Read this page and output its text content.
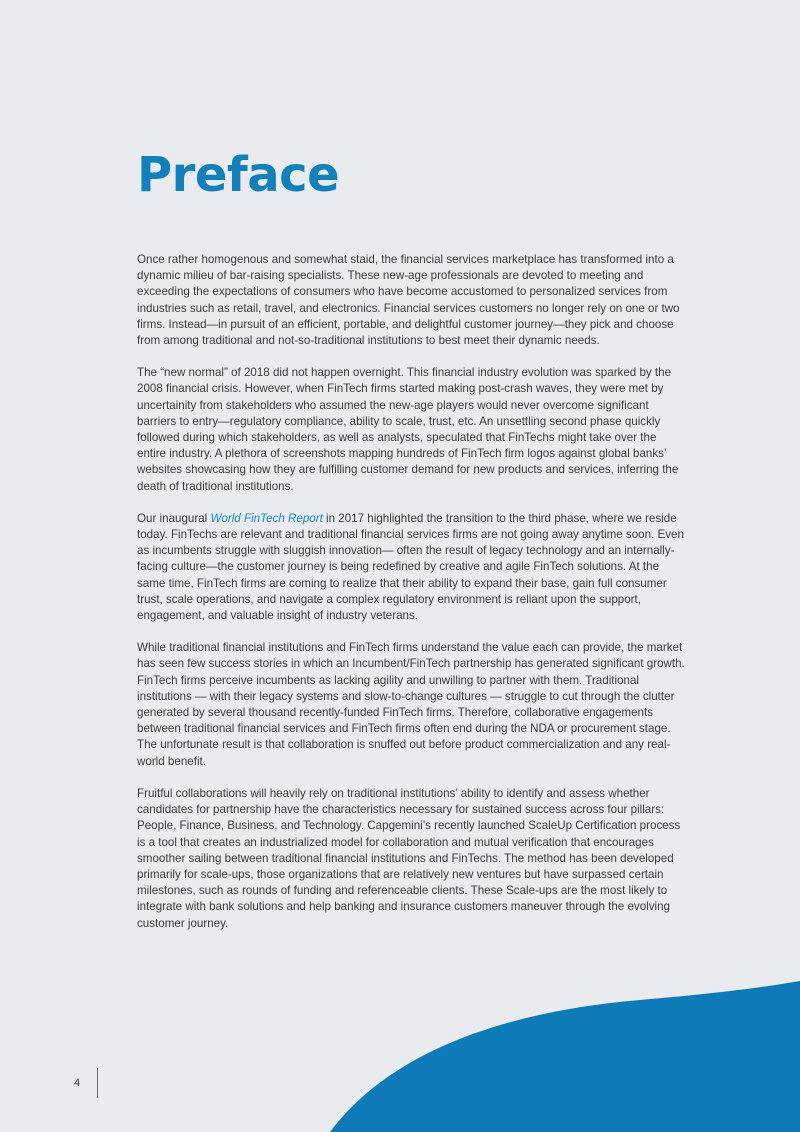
Preface

Once rather homogenous and somewhat staid, the financial services marketplace has transformed into a dynamic milieu of bar-raising specialists. These new-age professionals are devoted to meeting and exceeding the expectations of consumers who have become accustomed to personalized services from industries such as retail, travel, and electronics. Financial services customers no longer rely on one or two firms. Instead—in pursuit of an efficient, portable, and delightful customer journey—they pick and choose from among traditional and not-so-traditional institutions to best meet their dynamic needs.

The “new normal” of 2018 did not happen overnight. This financial industry evolution was sparked by the 2008 financial crisis. However, when FinTech firms started making post-crash waves, they were met by uncertainity from stakeholders who assumed the new-age players would never overcome significant barriers to entry—regulatory compliance, ability to scale, trust, etc. An unsettling second phase quickly followed during which stakeholders, as well as analysts, speculated that FinTechs might take over the entire industry. A plethora of screenshots mapping hundreds of FinTech firm logos against global banks’ websites showcasing how they are fulfilling customer demand for new products and services, inferring the death of traditional institutions.

Our inaugural World FinTech Report in 2017 highlighted the transition to the third phase, where we reside today. FinTechs are relevant and traditional financial services firms are not going away anytime soon. Even as incumbents struggle with sluggish innovation— often the result of legacy technology and an internally-facing culture—the customer journey is being redefined by creative and agile FinTech solutions. At the same time, FinTech firms are coming to realize that their ability to expand their base, gain full consumer trust, scale operations, and navigate a complex regulatory environment is reliant upon the support, engagement, and valuable insight of industry veterans.

While traditional financial institutions and FinTech firms understand the value each can provide, the market has seen few success stories in which an Incumbent/FinTech partnership has generated significant growth. FinTech firms perceive incumbents as lacking agility and unwilling to partner with them. Traditional institutions — with their legacy systems and slow-to-change cultures — struggle to cut through the clutter generated by several thousand recently-funded FinTech firms. Therefore, collaborative engagements between traditional financial services and FinTech firms often end during the NDA or procurement stage. The unfortunate result is that collaboration is snuffed out before product commercialization and any real-world benefit.

Fruitful collaborations will heavily rely on traditional institutions’ ability to identify and assess whether candidates for partnership have the characteristics necessary for sustained success across four pillars: People, Finance, Business, and Technology. Capgemini’s recently launched ScaleUp Certification process is a tool that creates an industrialized model for collaboration and mutual verification that encourages smoother sailing between traditional financial institutions and FinTechs. The method has been developed primarily for scale-ups, those organizations that are relatively new ventures but have surpassed certain milestones, such as rounds of funding and referenceable clients. These Scale-ups are the most likely to integrate with bank solutions and help banking and insurance customers maneuver through the evolving customer journey.

4
